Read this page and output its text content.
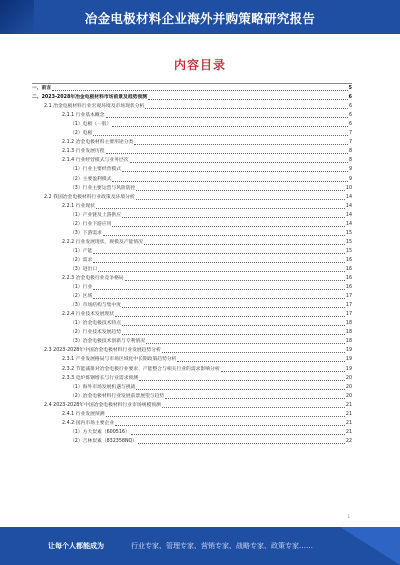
冶金电极材料企业海外并购策略研究报告
内容目录
一、前言	5
二、2023-2028年冶金电极材料市场前景及趋势预测	6
2.1 冶金电极材料行业宏观环境及市场现状分析	6
2.1.1 行业基本概念	6
（1）电极（一般）	6
（2）电极	7
2.1.2 冶金电极材料主要用途分类	7
2.1.3 行业发展历程	8
2.1.4 行业经营模式与业务层次	8
（1）行业主要经营模式	9
（2）主要盈利模式	9
（3）行业主要运营与风险防控	10
2.2 我国冶金电极材料行业政策及环境分析	14
2.2.1 行业现状	14
（1）产业链及上游供应	14
（2）行业下游应用	14
（3）下游需求	15
2.2.2 行业发展现状、规模及产能情况	15
（1）产能	15
（2）需求	16
（3）进出口	16
2.2.3 冶金电极行业竞争格局	16
（1）行业	16
（2）区域	17
（3）市场结构与集中度	17
2.2.4 行业技术发展现状	17
（1）冶金电极技术特点	18
（2）行业技术发展趋势	18
（3）冶金电极技术创新与专利情况	18
2.3 2023-2028年中国冶金电极材料行业发展趋势分析	19
2.3.1 产业发展格局与市场区域化中长期政策趋势分析	19
2.3.2 节能减排对冶金电极行业要求、产能整合与相关行业的需求影响分析	19
2.3.3 电炉炼钢增长与行业需求预测	20
（1）海外市场发展机遇与挑战	20
（2）冶金电极材料行业发展前景展望与趋势	20
2.4 2023-2028年中国冶金电极材料行业市场规模预测	21
2.4.1 行业发展预测	21
2.4.2 国内市场主要企业	21
（1）方大炭素（600516）	21
（2）吉林炭素（832358NQ）	22
1
让每个人都能成为	行业专家、管理专家、营销专家、战略专家、政策专家……
